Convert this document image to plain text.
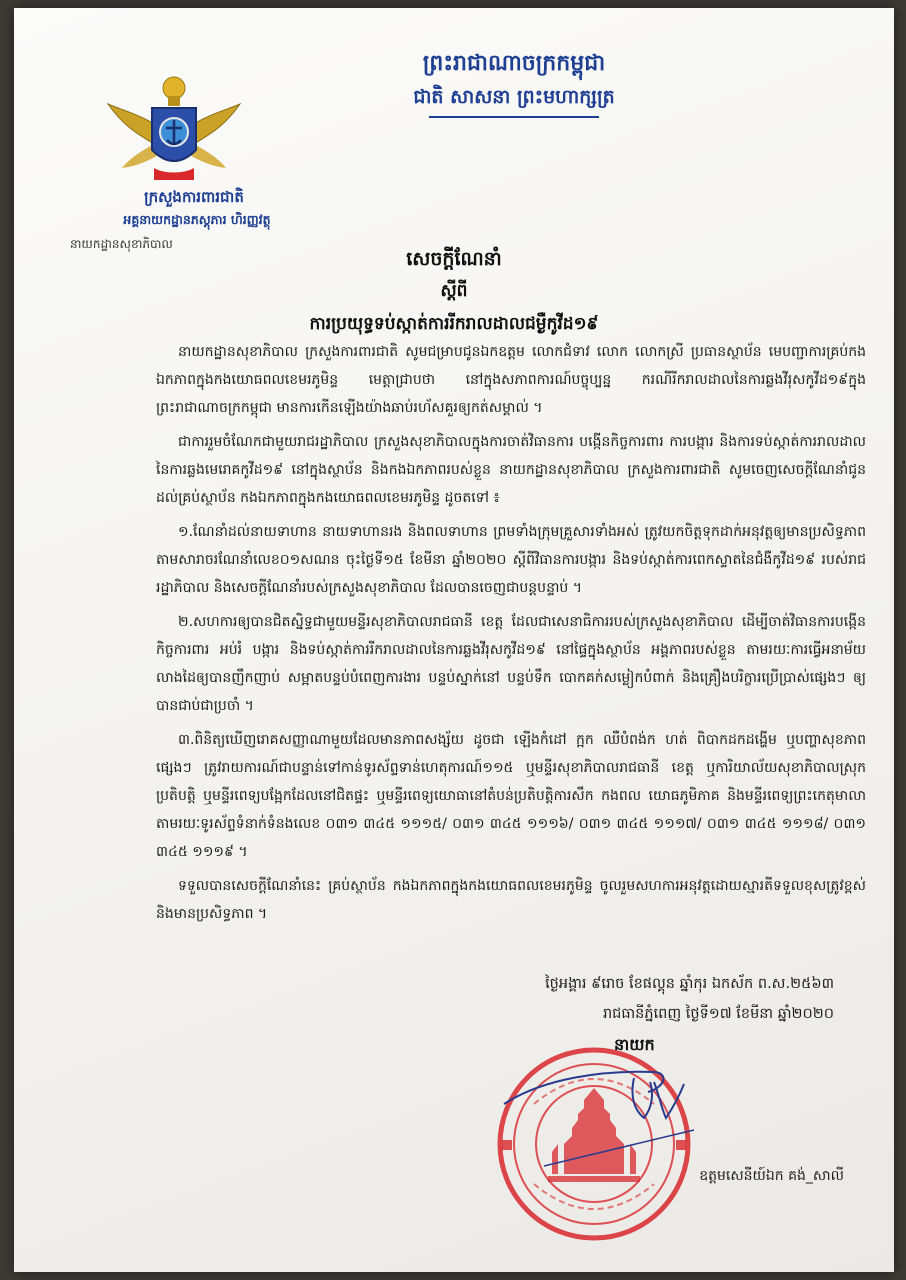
ព្រះរាជាណាចក្រកម្ពុជា
ជាតិ សាសនា ព្រះមហាក្សត្រ
ក្រសួងការពារជាតិ
អគ្គនាយកដ្ឋានភស្តុភារ ហិរញ្ញវត្ថុ
នាយកដ្ឋានសុខាភិបាល
សេចក្តីណែនាំ
ស្តីពី
ការប្រយុទ្ធទប់ស្កាត់ការរីករាលដាលជម្ងឺកូវីដ១៩

នាយកដ្ឋានសុខាភិបាល ក្រសួងការពារជាតិ សូមជម្រាបជូនឯកឧត្តម លោកជំទាវ លោក លោកស្រី ប្រធានស្ថាប័ន មេបញ្ជាការគ្រប់កងឯកភាពក្នុងកងយោធពលខេមរភូមិន្ទ មេត្តាជ្រាបថា នៅក្នុងសភាពការណ៍បច្ចុប្បន្ន ករណីរីករាលដាលនៃការឆ្លងវីរុសកូវីដ១៩ក្នុងព្រះរាជាណាចក្រកម្ពុជា មានការកើនឡើងយ៉ាងឆាប់រហ័សគួរឲ្យកត់សម្គាល់ ។

ជាការរួមចំណែកជាមួយរាជរដ្ឋាភិបាល ក្រសួងសុខាភិបាលក្នុងការចាត់វិធានការ បង្កើនកិច្ចការពារ ការបង្ការ និងការទប់ស្កាត់ការរាលដាលនៃការឆ្លងមេរោគកូវីដ១៩ នៅក្នុងស្ថាប័ន និងកងឯកភាពរបស់ខ្លួន នាយកដ្ឋានសុខាភិបាល ក្រសួងការពារជាតិ សូមចេញសេចក្តីណែនាំជូនដល់គ្រប់ស្ថាប័ន កងឯកភាពក្នុងកងយោធពលខេមរភូមិន្ទ ដូចតទៅ ៖

១.ណែនាំដល់នាយទាហាន នាយទាហានរង និងពលទាហាន ព្រមទាំងក្រុមគ្រួសារទាំងអស់ ត្រូវយកចិត្តទុកដាក់អនុវត្តឲ្យមានប្រសិទ្ធភាពតាមសារាចរណែនាំលេខ០១សណន ចុះថ្ងៃទី១៥ ខែមីនា ឆ្នាំ២០២០ ស្តីពីវិធានការបង្ការ និងទប់ស្កាត់ការពេកស្ទាតនៃជំងឺកូវីដ១៩ របស់រាជរដ្ឋាភិបាល និងសេចក្តីណែនាំរបស់ក្រសួងសុខាភិបាល ដែលបានចេញជាបន្តបន្ទាប់ ។

២.សហការឲ្យបានជិតស្និទ្ធជាមួយមន្ទីរសុខាភិបាលរាជធានី ខេត្ត ដែលជាសេនាធិការរបស់ក្រសួងសុខាភិបាល ដើម្បីចាត់វិធានការបង្កើនកិច្ចការពារ អប់រំ បង្ការ និងទប់ស្កាត់ការរីករាលដាលនៃការឆ្លងវីរុសកូវីដ១៩ នៅផ្ទៃក្នុងស្ថាប័ន អង្គភាពរបស់ខ្លួន តាមរយៈការធ្វើអនាម័យ លាងដៃឲ្យបានញឹកញាប់ សម្អាតបន្ទប់បំពេញការងារ បន្ទប់ស្នាក់នៅ បន្ទប់ទឹក បោកគក់សម្លៀកបំពាក់ និងគ្រឿងបរិក្ខារប្រើប្រាស់ផ្សេងៗ ឲ្យបានជាប់ជាប្រចាំ ។

៣.ពិនិត្យឃើញរោគសញ្ញាណាមួយដែលមានភាពសង្ស័យ ដូចជា ឡើងកំដៅ ក្អក ឈឺបំពង់ក ហត់ ពិបាកដកដង្ហើម ឬបញ្ហាសុខភាពផ្សេងៗ ត្រូវរាយការណ៍ជាបន្ទាន់ទៅកាន់ទូរស័ព្ទទាន់ហេតុការណ៍១១៥ ឬមន្ទីរសុខាភិបាលរាជធានី ខេត្ត ឬការិយាល័យសុខាភិបាលស្រុកប្រតិបត្តិ ឬមន្ទីរពេទ្យបង្អែកដែលនៅជិតផ្ទះ ឬមន្ទីរពេទ្យយោធានៅតំបន់ប្រតិបត្តិការសឹក កងពល យោធភូមិភាគ និងមន្ទីរពេទ្យព្រះកេតុមាលា តាមរយៈទូរស័ព្ទទំនាក់ទំនងលេខ ០៣១ ៣៤៥ ១១១៥/ ០៣១ ៣៤៥ ១១១៦/ ០៣១ ៣៤៥ ១១១៧/ ០៣១ ៣៤៥ ១១១៨/ ០៣១ ៣៤៥ ១១១៩ ។

ទទួលបានសេចក្តីណែនាំនេះ គ្រប់ស្ថាប័ន កងឯកភាពក្នុងកងយោធពលខេមរភូមិន្ទ ចូលរួមសហការអនុវត្តដោយស្មារតីទទួលខុសត្រូវខ្ពស់ និងមានប្រសិទ្ធភាព ។

ថ្ងៃអង្គារ ៩រោច ខែផល្គុន ឆ្នាំកុរ ឯកស័ក ព.ស.២៥៦៣
រាជធានីភ្នំពេញ ថ្ងៃទី១៧ ខែមីនា ឆ្នាំ២០២០
នាយក
ឧត្តមសេនីយ៍ឯក គង់_សាលី
